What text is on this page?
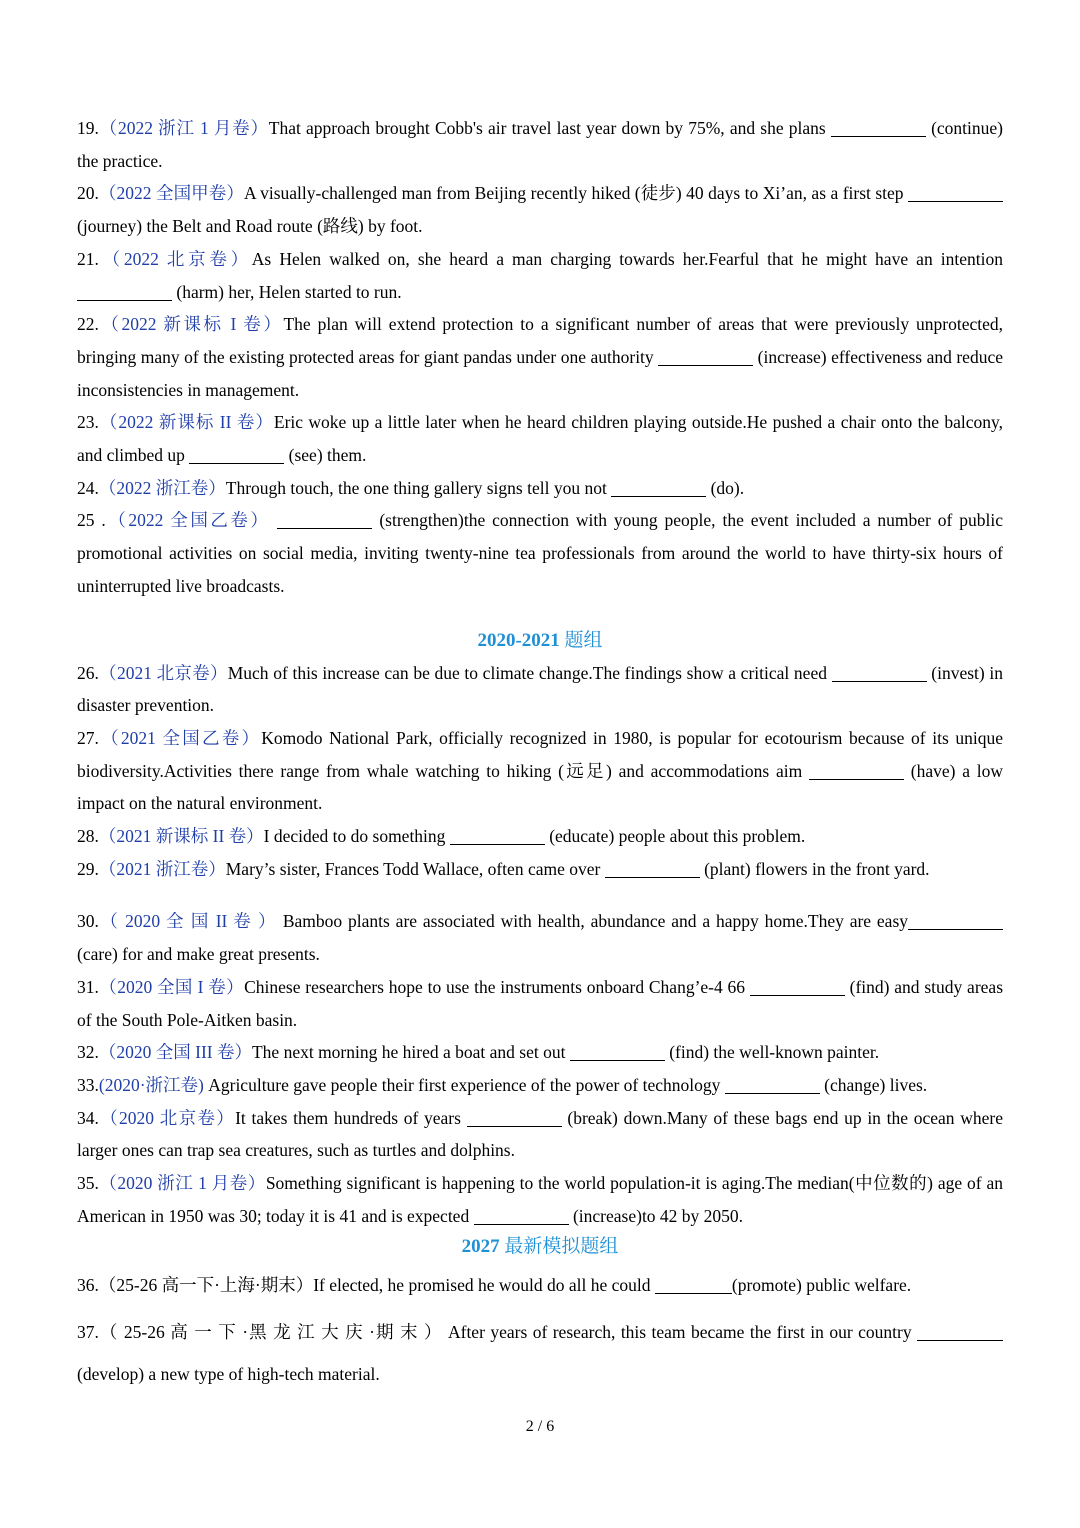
19.（2022 浙江 1 月卷）That approach brought Cobb's air travel last year down by 75%, and she plans	(continue) the practice.

20.（2022 全国甲卷）A visually-challenged man from Beijing recently hiked (徒步) 40 days to Xi’an, as a first step  (journey) the Belt and Road route (路线) by foot.

21.（2022 北京卷）As Helen walked on, she heard a man charging towards her.Fearful that he might have an intention  (harm) her, Helen started to run.

22.（2022 新课标 I 卷）The plan will extend protection to a significant number of areas that were previously unprotected, bringing many of the existing protected areas for giant pandas under one authority	(increase) effectiveness and reduce inconsistencies in management.

23.（2022 新课标 II 卷）Eric woke up a little later when he heard children playing outside.He pushed a chair onto the balcony, and climbed up	(see) them.

24.（2022 浙江卷）Through touch, the one thing gallery signs tell you not	(do).

25 .（2022 全国乙卷）	(strengthen)the connection with young people, the event included a number of public promotional activities on social media, inviting twenty-nine tea professionals from around the world to have thirty-six hours of uninterrupted live broadcasts.

2020-2021 题组

26.（2021 北京卷）Much of this increase can be due to climate change.The findings show a critical need	(invest) in disaster prevention.

27.（2021 全国乙卷）Komodo National Park, officially recognized in 1980, is popular for ecotourism because of its unique biodiversity.Activities there range from whale watching to hiking (远足) and accommodations aim	(have) a low impact on the natural environment.

28.（2021 新课标 II 卷）I decided to do something	(educate) people about this problem.

29.（2021 浙江卷）Mary’s sister, Frances Todd Wallace, often came over	(plant) flowers in the front yard.

30.（ 2020 全 国 II 卷 ） Bamboo plants are associated with health, abundance and a happy home.They are easy (care) for and make great presents.

31.（2020 全国 I 卷）Chinese researchers hope to use the instruments onboard Chang’e-4 66	(find) and study areas of the South Pole-Aitken basin.

32.（2020 全国 III 卷）The next morning he hired a boat and set out	(find) the well-known painter.

33.(2020·浙江卷) Agriculture gave people their first experience of the power of technology	(change) lives.

34.（2020 北京卷）It takes them hundreds of years	(break) down.Many of these bags end up in the ocean where larger ones can trap sea creatures, such as turtles and dolphins.

35.（2020 浙江 1 月卷）Something significant is happening to the world population-it is aging.The median(中位数的) age of an American in 1950 was 30; today it is 41 and is expected	(increase)to 42 by 2050.

2027 最新模拟题组

36.（25-26 高一下·上海·期末）If elected, he promised he would do all he could	(promote) public welfare.

37.（ 25-26 高 一 下 ·黑 龙 江 大 庆 ·期 末 ） After years of research, this team became the first in our country  (develop) a new type of high-tech material.

2 / 6
